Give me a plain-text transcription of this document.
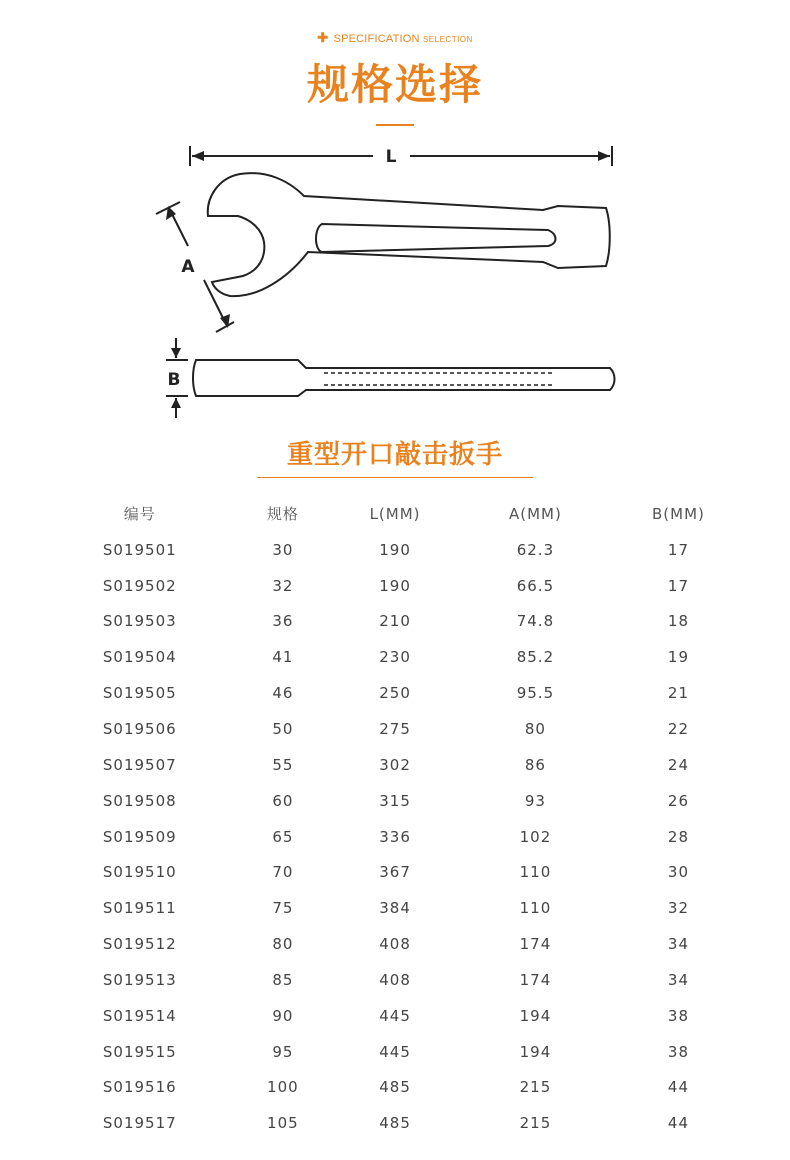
✚ SPECIFICATION SELECTION
规格选择
L
A
B
重型开口敲击扳手
编号	规格	L(MM)	A(MM)	B(MM)
S019501	30	190	62.3	17
S019502	32	190	66.5	17
S019503	36	210	74.8	18
S019504	41	230	85.2	19
S019505	46	250	95.5	21
S019506	50	275	80	22
S019507	55	302	86	24
S019508	60	315	93	26
S019509	65	336	102	28
S019510	70	367	110	30
S019511	75	384	110	32
S019512	80	408	174	34
S019513	85	408	174	34
S019514	90	445	194	38
S019515	95	445	194	38
S019516	100	485	215	44
S019517	105	485	215	44
